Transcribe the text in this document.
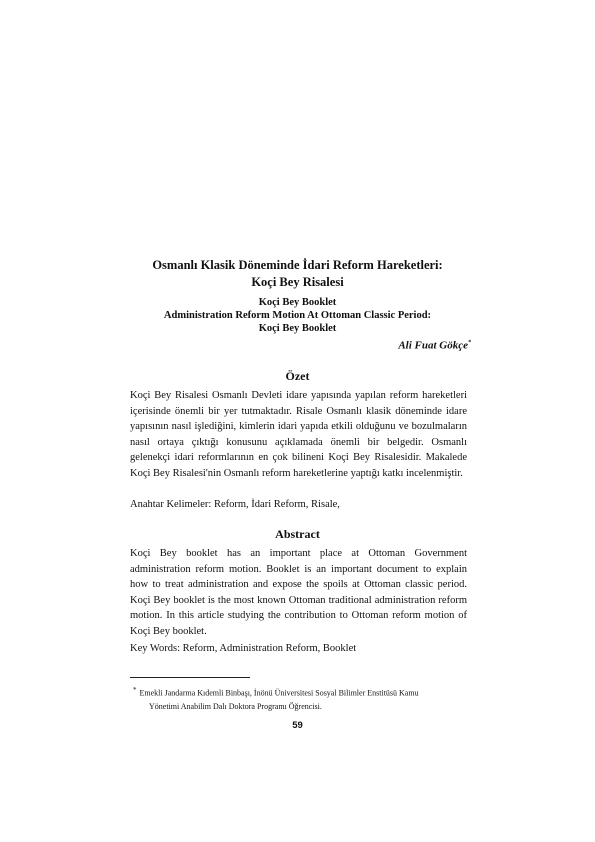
Osmanlı Klasik Döneminde İdari Reform Hareketleri:
Koçi Bey Risalesi
Koçi Bey Booklet
Administration Reform Motion At Ottoman Classic Period:
Koçi Bey Booklet
Ali Fuat Gökçe*
Özet

Koçi Bey Risalesi Osmanlı Devleti idare yapısında yapılan reform hareketleri içerisinde önemli bir yer tutmaktadır. Risale Osmanlı klasik döneminde idare yapısının nasıl işlediğini, kimlerin idari yapıda etkili olduğunu ve bozulmaların nasıl ortaya çıktığı konusunu açıklamada önemli bir belgedir. Osmanlı gelenekçi idari reformlarının en çok bilineni Koçi Bey Risalesidir. Makalede Koçi Bey Risalesi'nin Osmanlı reform hareketlerine yaptığı katkı incelenmiştir.

Anahtar Kelimeler: Reform, İdari Reform, Risale,
Abstract

Koçi Bey booklet has an important place at Ottoman Government administration reform motion. Booklet is an important document to explain how to treat administration and expose the spoils at Ottoman classic period. Koçi Bey booklet is the most known Ottoman traditional administration reform motion. In this article studying the contribution to Ottoman reform motion of Koçi Bey booklet.

Key Words: Reform, Administration Reform, Booklet
* Emekli Jandarma Kıdemli Binbaşı, İnönü Üniversitesi Sosyal Bilimler Enstitüsü Kamu
Yönetimi Anabilim Dalı Doktora Programı Öğrencisi.
59
